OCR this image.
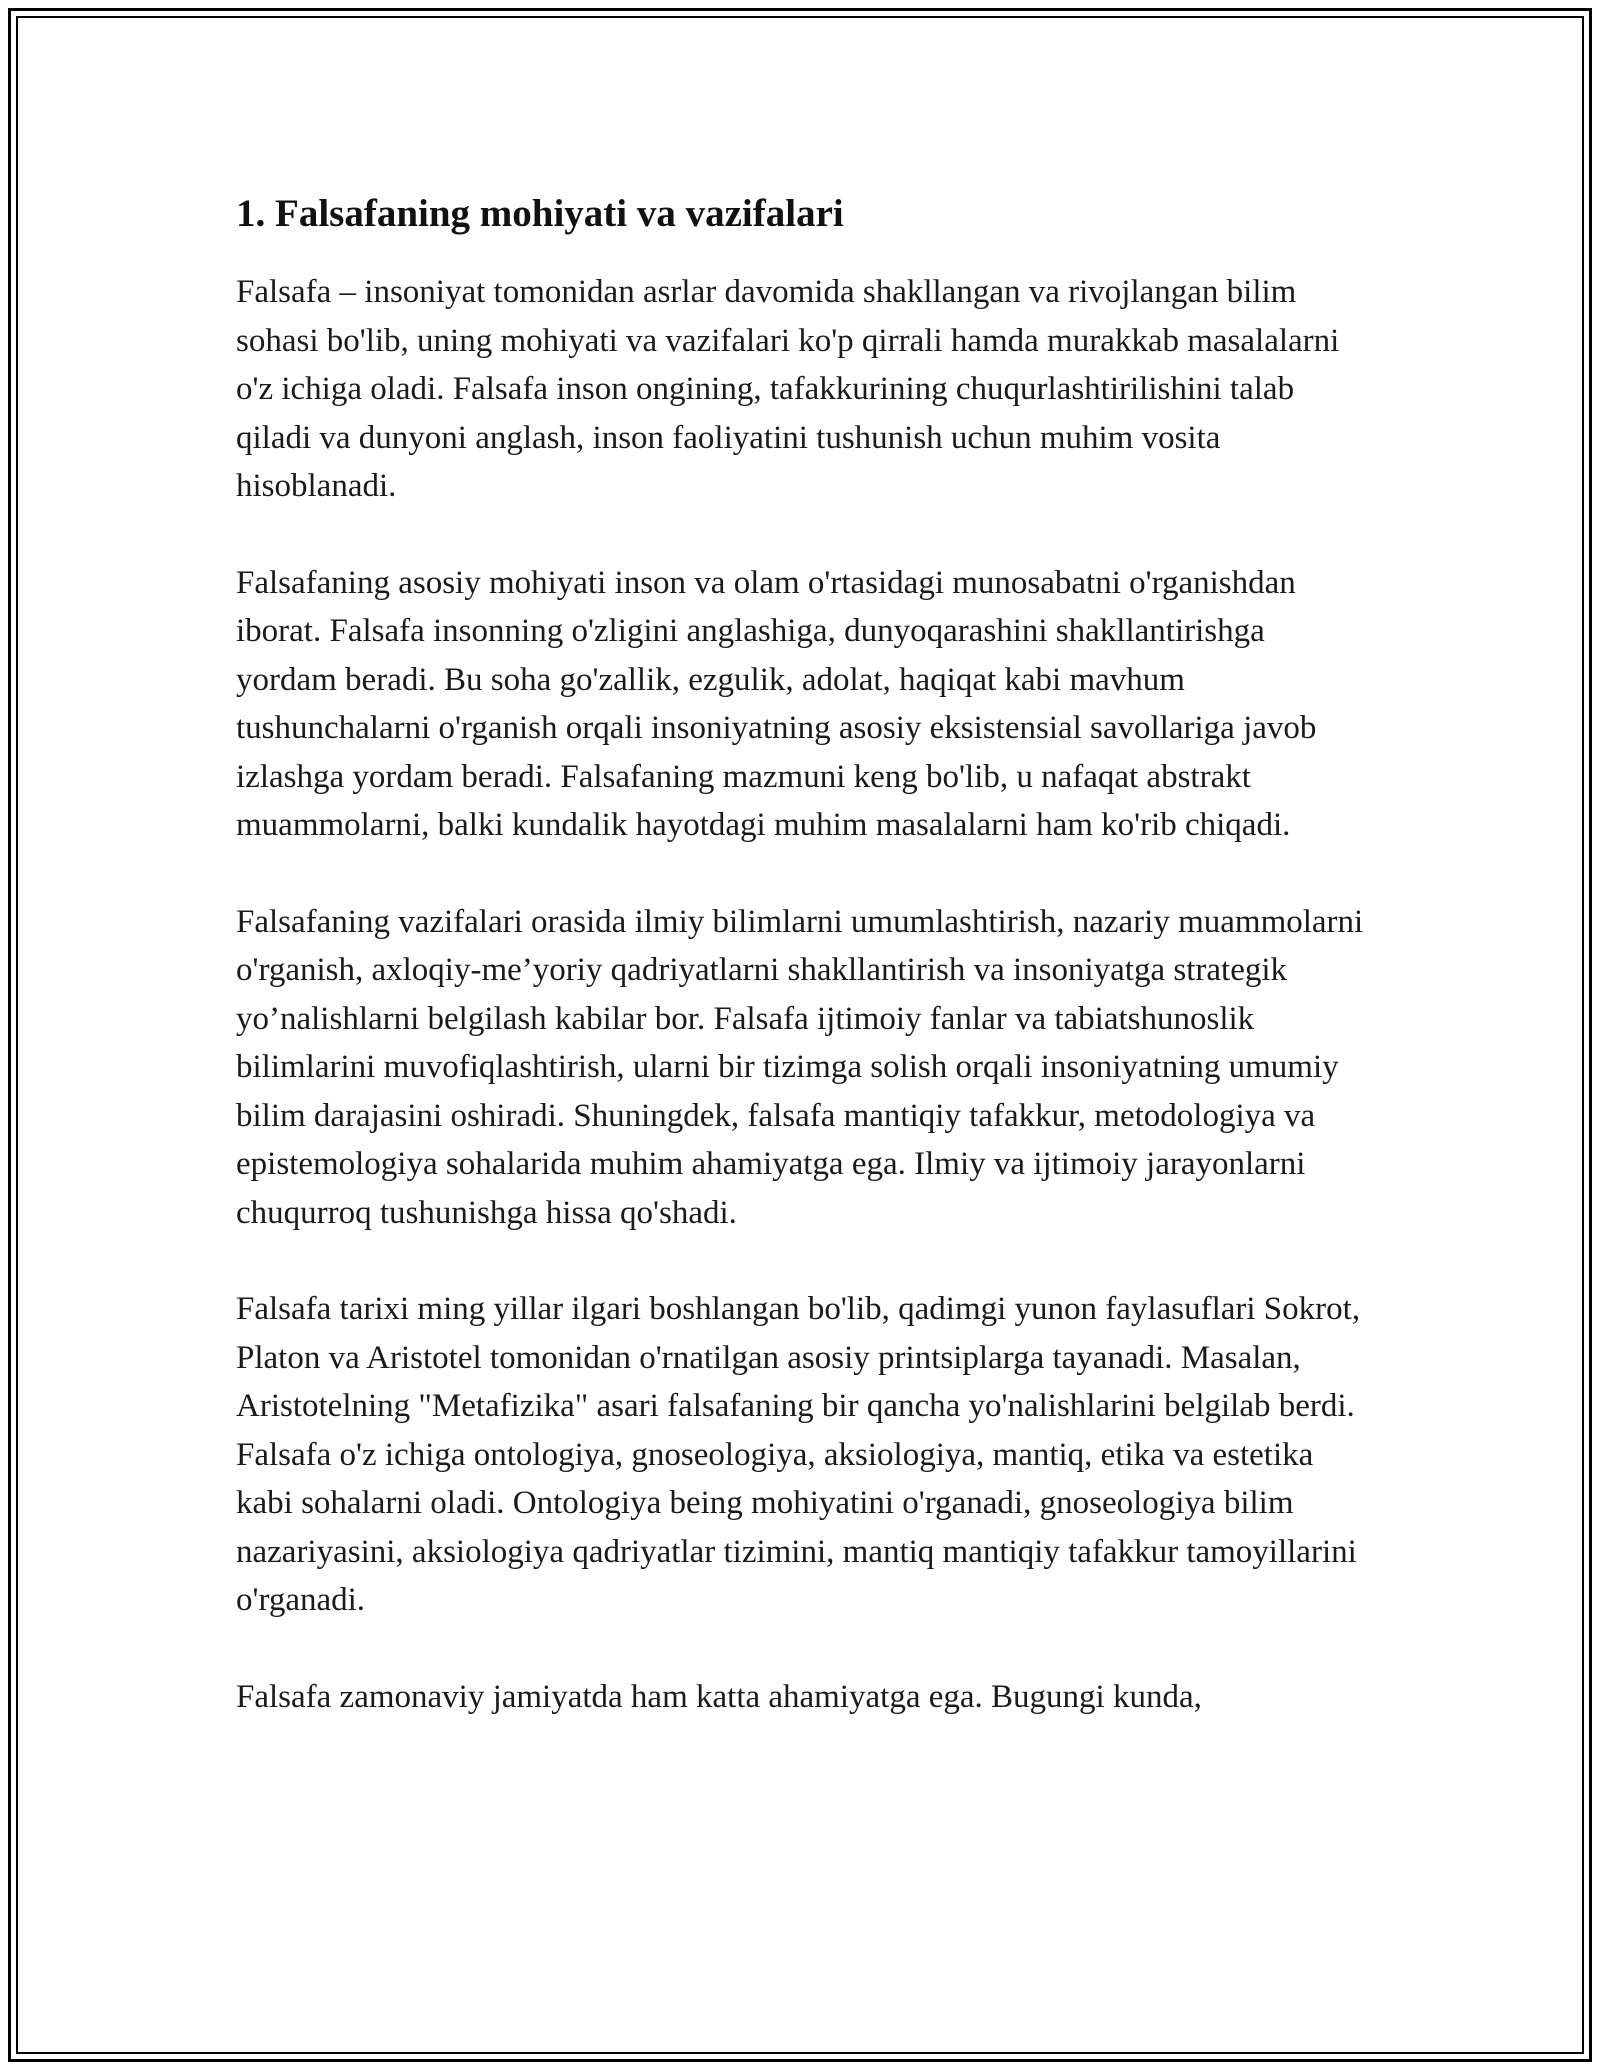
1. Falsafaning mohiyati va vazifalari

Falsafa – insoniyat tomonidan asrlar davomida shakllangan va rivojlangan bilim sohasi bo'lib, uning mohiyati va vazifalari ko'p qirrali hamda murakkab masalalarni o'z ichiga oladi. Falsafa inson ongining, tafakkurining chuqurlashtirilishini talab qiladi va dunyoni anglash, inson faoliyatini tushunish uchun muhim vosita hisoblanadi.

Falsafaning asosiy mohiyati inson va olam o'rtasidagi munosabatni o'rganishdan iborat. Falsafa insonning o'zligini anglashiga, dunyoqarashini shakllantirishga yordam beradi. Bu soha go'zallik, ezgulik, adolat, haqiqat kabi mavhum tushunchalarni o'rganish orqali insoniyatning asosiy eksistensial savollariga javob izlashga yordam beradi. Falsafaning mazmuni keng bo'lib, u nafaqat abstrakt muammolarni, balki kundalik hayotdagi muhim masalalarni ham ko'rib chiqadi.

Falsafaning vazifalari orasida ilmiy bilimlarni umumlashtirish, nazariy muammolarni o'rganish, axloqiy-me’yoriy qadriyatlarni shakllantirish va insoniyatga strategik yo’nalishlarni belgilash kabilar bor. Falsafa ijtimoiy fanlar va tabiatshunoslik bilimlarini muvofiqlashtirish, ularni bir tizimga solish orqali insoniyatning umumiy bilim darajasini oshiradi. Shuningdek, falsafa mantiqiy tafakkur, metodologiya va epistemologiya sohalarida muhim ahamiyatga ega. Ilmiy va ijtimoiy jarayonlarni chuqurroq tushunishga hissa qo'shadi.

Falsafa tarixi ming yillar ilgari boshlangan bo'lib, qadimgi yunon faylasuflari Sokrot, Platon va Aristotel tomonidan o'rnatilgan asosiy printsiplarga tayanadi. Masalan, Aristotelning "Metafizika" asari falsafaning bir qancha yo'nalishlarini belgilab berdi. Falsafa o'z ichiga ontologiya, gnoseologiya, aksiologiya, mantiq, etika va estetika kabi sohalarni oladi. Ontologiya being mohiyatini o'rganadi, gnoseologiya bilim nazariyasini, aksiologiya qadriyatlar tizimini, mantiq mantiqiy tafakkur tamoyillarini o'rganadi.

Falsafa zamonaviy jamiyatda ham katta ahamiyatga ega. Bugungi kunda,
